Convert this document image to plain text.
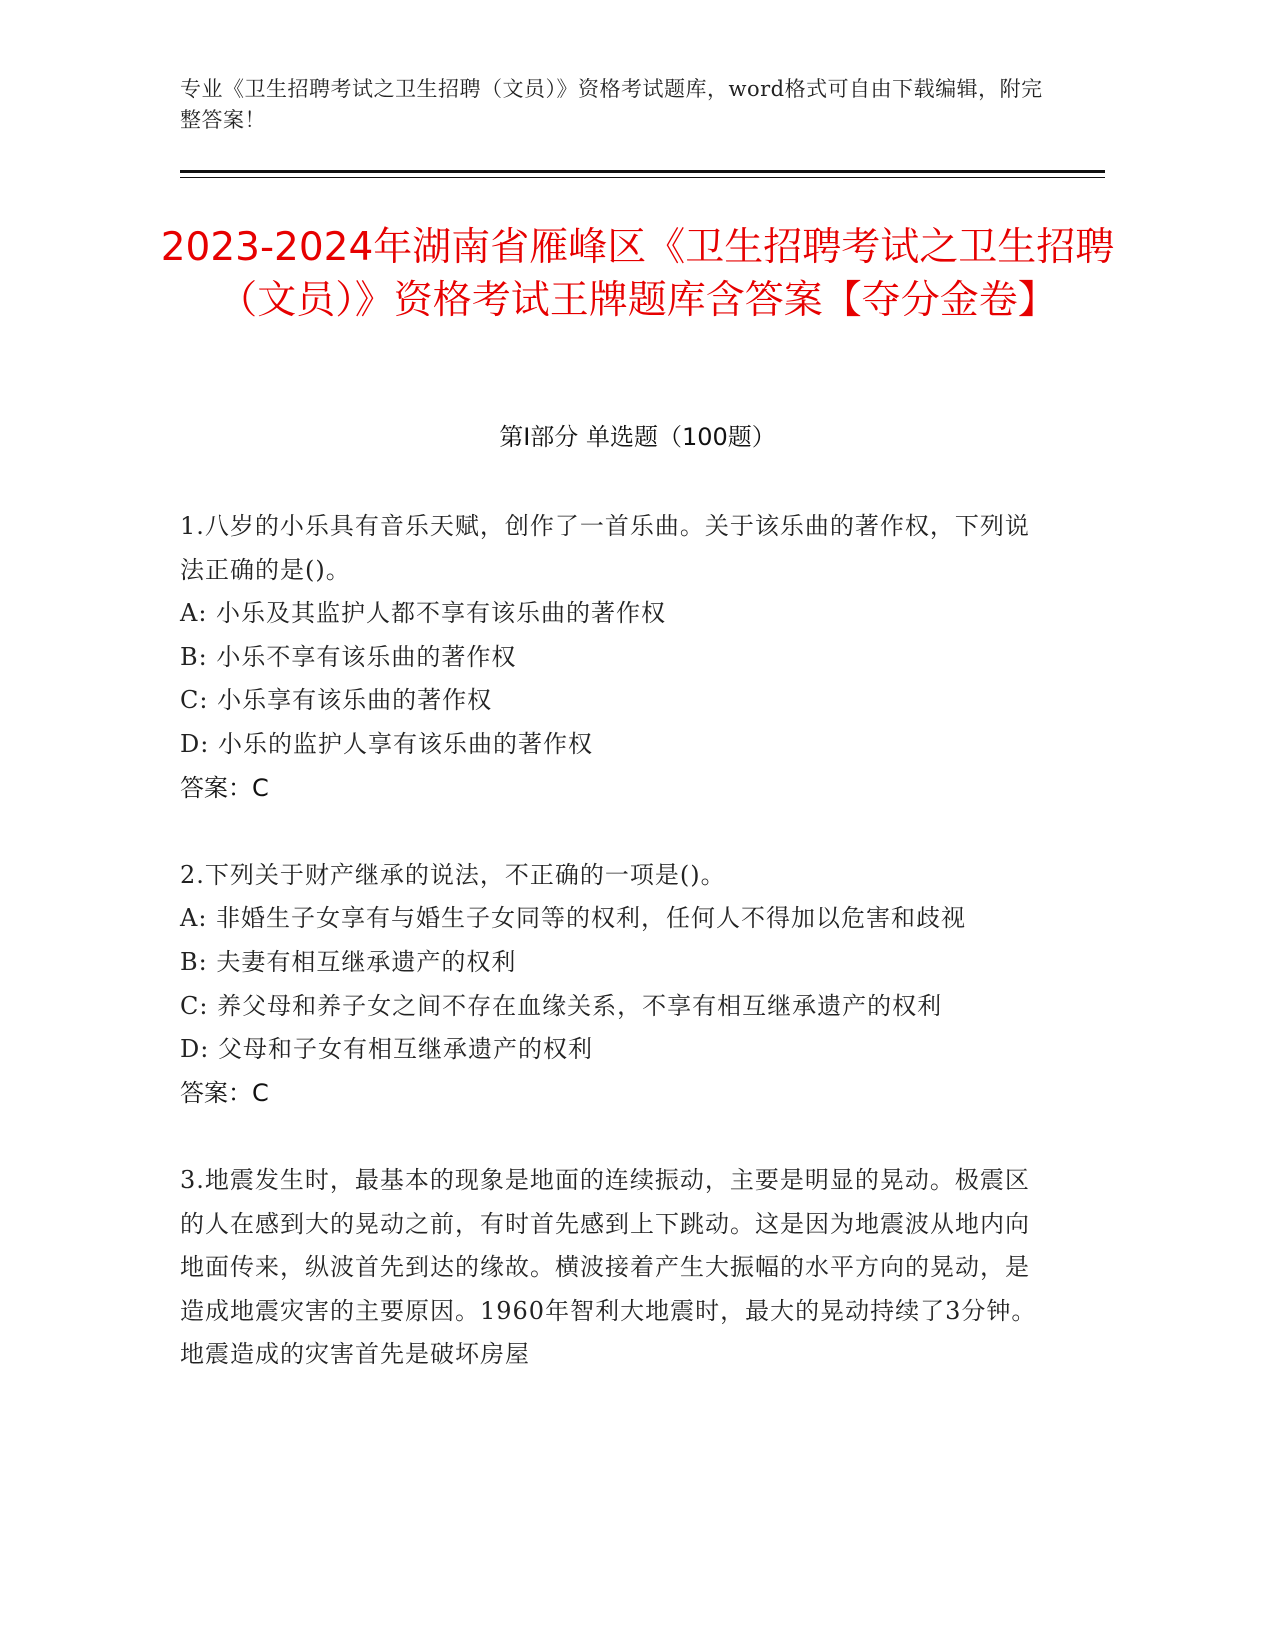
专业《卫生招聘考试之卫生招聘（文员）》资格考试题库，word格式可自由下载编辑，附完整答案！
2023-2024年湖南省雁峰区《卫生招聘考试之卫生招聘（文员）》资格考试王牌题库含答案【夺分金卷】
第Ⅰ部分 单选题（100题）
1.八岁的小乐具有音乐天赋，创作了一首乐曲。关于该乐曲的著作权，下列说法正确的是()。
A: 小乐及其监护人都不享有该乐曲的著作权
B: 小乐不享有该乐曲的著作权
C: 小乐享有该乐曲的著作权
D: 小乐的监护人享有该乐曲的著作权
答案：C
2.下列关于财产继承的说法，不正确的一项是()。
A: 非婚生子女享有与婚生子女同等的权利，任何人不得加以危害和歧视
B: 夫妻有相互继承遗产的权利
C: 养父母和养子女之间不存在血缘关系，不享有相互继承遗产的权利
D: 父母和子女有相互继承遗产的权利
答案：C
3.地震发生时，最基本的现象是地面的连续振动，主要是明显的晃动。极震区的人在感到大的晃动之前，有时首先感到上下跳动。这是因为地震波从地内向地面传来，纵波首先到达的缘故。横波接着产生大振幅的水平方向的晃动，是造成地震灾害的主要原因。1960年智利大地震时，最大的晃动持续了3分钟。地震造成的灾害首先是破坏房屋
